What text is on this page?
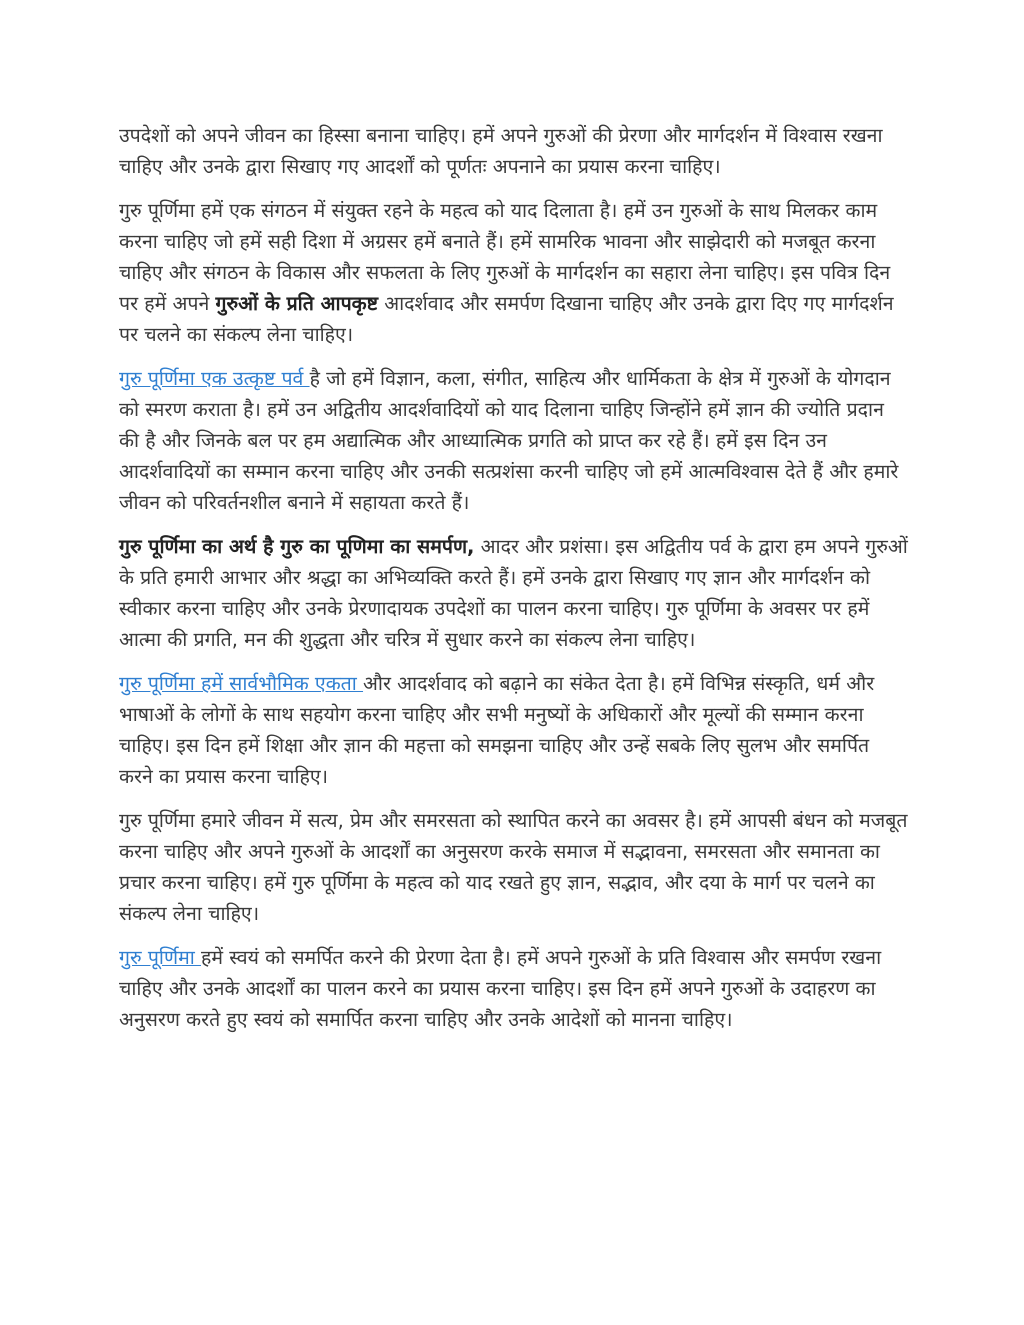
उपदेशों को अपने जीवन का हिस्सा बनाना चाहिए। हमें अपने गुरुओं की प्रेरणा और मार्गदर्शन में विश्वास रखना चाहिए और उनके द्वारा सिखाए गए आदर्शों को पूर्णतः अपनाने का प्रयास करना चाहिए।

गुरु पूर्णिमा हमें एक संगठन में संयुक्त रहने के महत्व को याद दिलाता है। हमें उन गुरुओं के साथ मिलकर काम करना चाहिए जो हमें सही दिशा में अग्रसर हमें बनाते हैं। हमें सामरिक भावना और साझेदारी को मजबूत करना चाहिए और संगठन के विकास और सफलता के लिए गुरुओं के मार्गदर्शन का सहारा लेना चाहिए। इस पवित्र दिन पर हमें अपने गुरुओं के प्रति आपकृष्ट आदर्शवाद और समर्पण दिखाना चाहिए और उनके द्वारा दिए गए मार्गदर्शन पर चलने का संकल्प लेना चाहिए।

गुरु पूर्णिमा एक उत्कृष्ट पर्व है जो हमें विज्ञान, कला, संगीत, साहित्य और धार्मिकता के क्षेत्र में गुरुओं के योगदान को स्मरण कराता है। हमें उन अद्वितीय आदर्शवादियों को याद दिलाना चाहिए जिन्होंने हमें ज्ञान की ज्योति प्रदान की है और जिनके बल पर हम अद्यात्मिक और आध्यात्मिक प्रगति को प्राप्त कर रहे हैं। हमें इस दिन उन आदर्शवादियों का सम्मान करना चाहिए और उनकी सत्प्रशंसा करनी चाहिए जो हमें आत्मविश्वास देते हैं और हमारे जीवन को परिवर्तनशील बनाने में सहायता करते हैं।

गुरु पूर्णिमा का अर्थ है गुरु का पूणिमा का समर्पण, आदर और प्रशंसा। इस अद्वितीय पर्व के द्वारा हम अपने गुरुओं के प्रति हमारी आभार और श्रद्धा का अभिव्यक्ति करते हैं। हमें उनके द्वारा सिखाए गए ज्ञान और मार्गदर्शन को स्वीकार करना चाहिए और उनके प्रेरणादायक उपदेशों का पालन करना चाहिए। गुरु पूर्णिमा के अवसर पर हमें आत्मा की प्रगति, मन की शुद्धता और चरित्र में सुधार करने का संकल्प लेना चाहिए।

गुरु पूर्णिमा हमें सार्वभौमिक एकता और आदर्शवाद को बढ़ाने का संकेत देता है। हमें विभिन्न संस्कृति, धर्म और भाषाओं के लोगों के साथ सहयोग करना चाहिए और सभी मनुष्यों के अधिकारों और मूल्यों की सम्मान करना चाहिए। इस दिन हमें शिक्षा और ज्ञान की महत्ता को समझना चाहिए और उन्हें सबके लिए सुलभ और समर्पित करने का प्रयास करना चाहिए।

गुरु पूर्णिमा हमारे जीवन में सत्य, प्रेम और समरसता को स्थापित करने का अवसर है। हमें आपसी बंधन को मजबूत करना चाहिए और अपने गुरुओं के आदर्शों का अनुसरण करके समाज में सद्भावना, समरसता और समानता का प्रचार करना चाहिए। हमें गुरु पूर्णिमा के महत्व को याद रखते हुए ज्ञान, सद्भाव, और दया के मार्ग पर चलने का संकल्प लेना चाहिए।

गुरु पूर्णिमा हमें स्वयं को समर्पित करने की प्रेरणा देता है। हमें अपने गुरुओं के प्रति विश्वास और समर्पण रखना चाहिए और उनके आदर्शों का पालन करने का प्रयास करना चाहिए। इस दिन हमें अपने गुरुओं के उदाहरण का अनुसरण करते हुए स्वयं को समार्पित करना चाहिए और उनके आदेशों को मानना चाहिए।
